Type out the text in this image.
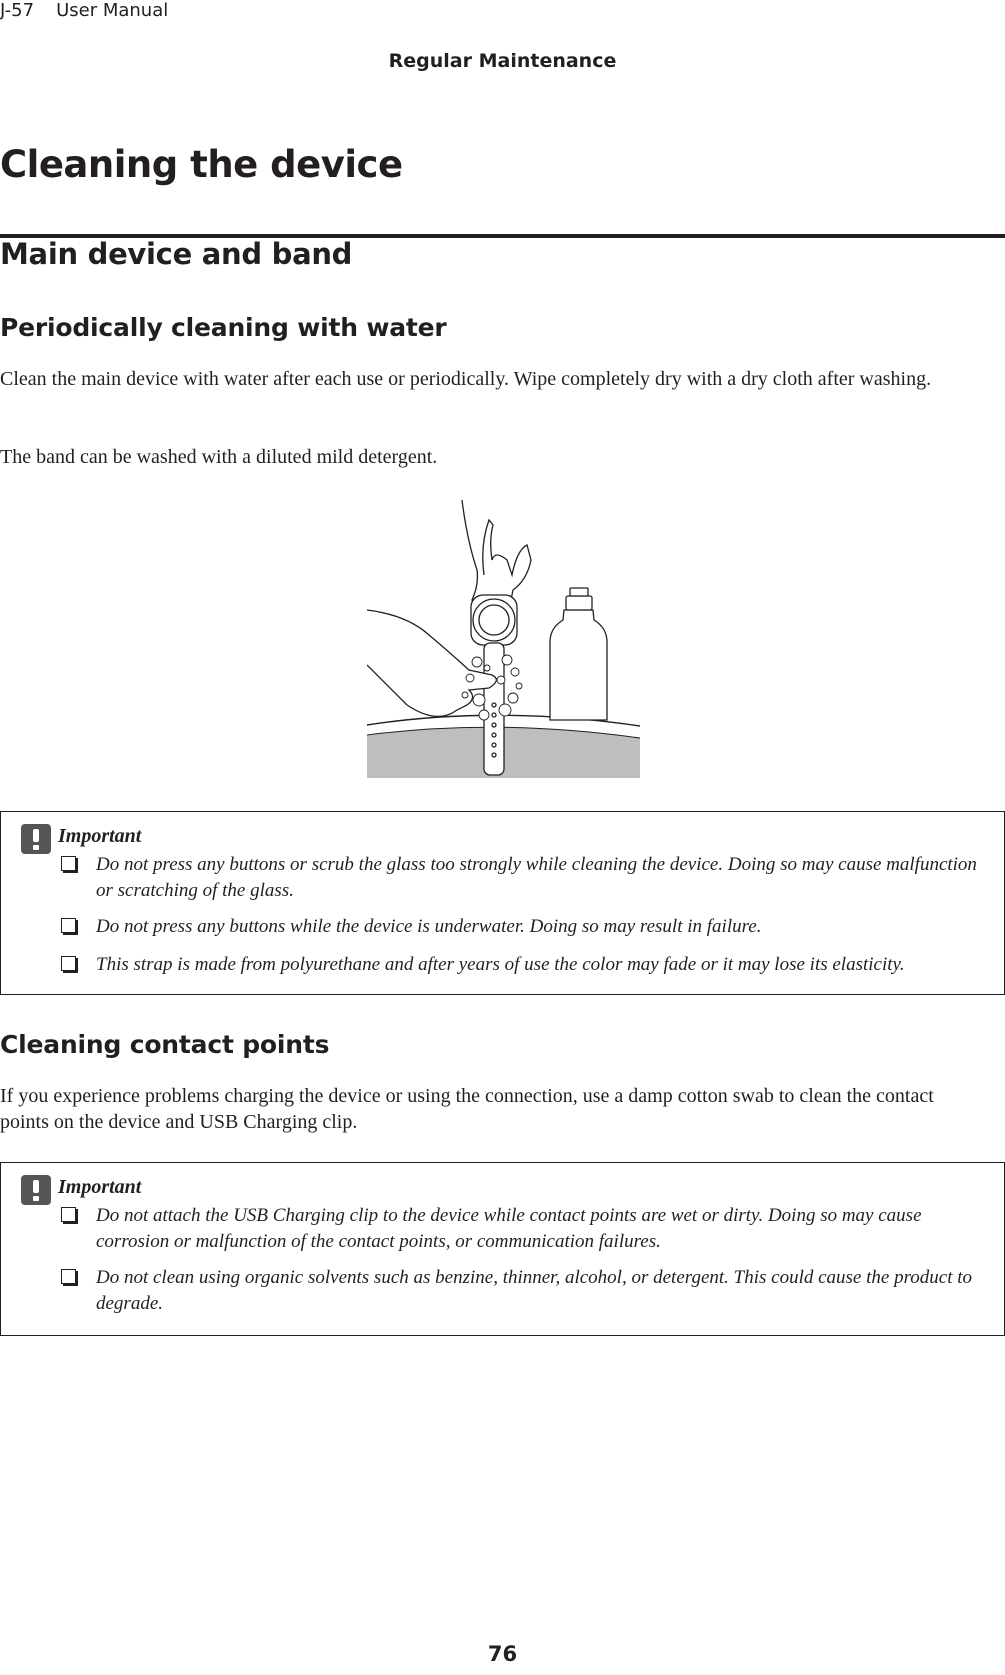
J-57 User Manual
Regular Maintenance
Cleaning the device
Main device and band
Periodically cleaning with water
Clean the main device with water after each use or periodically. Wipe completely dry with a dry cloth after washing.
The band can be washed with a diluted mild detergent.
Important
Do not press any buttons or scrub the glass too strongly while cleaning the device. Doing so may cause malfunction or scratching of the glass.
Do not press any buttons while the device is underwater. Doing so may result in failure.
This strap is made from polyurethane and after years of use the color may fade or it may lose its elasticity.
Cleaning contact points
If you experience problems charging the device or using the connection, use a damp cotton swab to clean the contact points on the device and USB Charging clip.
Important
Do not attach the USB Charging clip to the device while contact points are wet or dirty. Doing so may cause corrosion or malfunction of the contact points, or communication failures.
Do not clean using organic solvents such as benzine, thinner, alcohol, or detergent. This could cause the product to degrade.
76
